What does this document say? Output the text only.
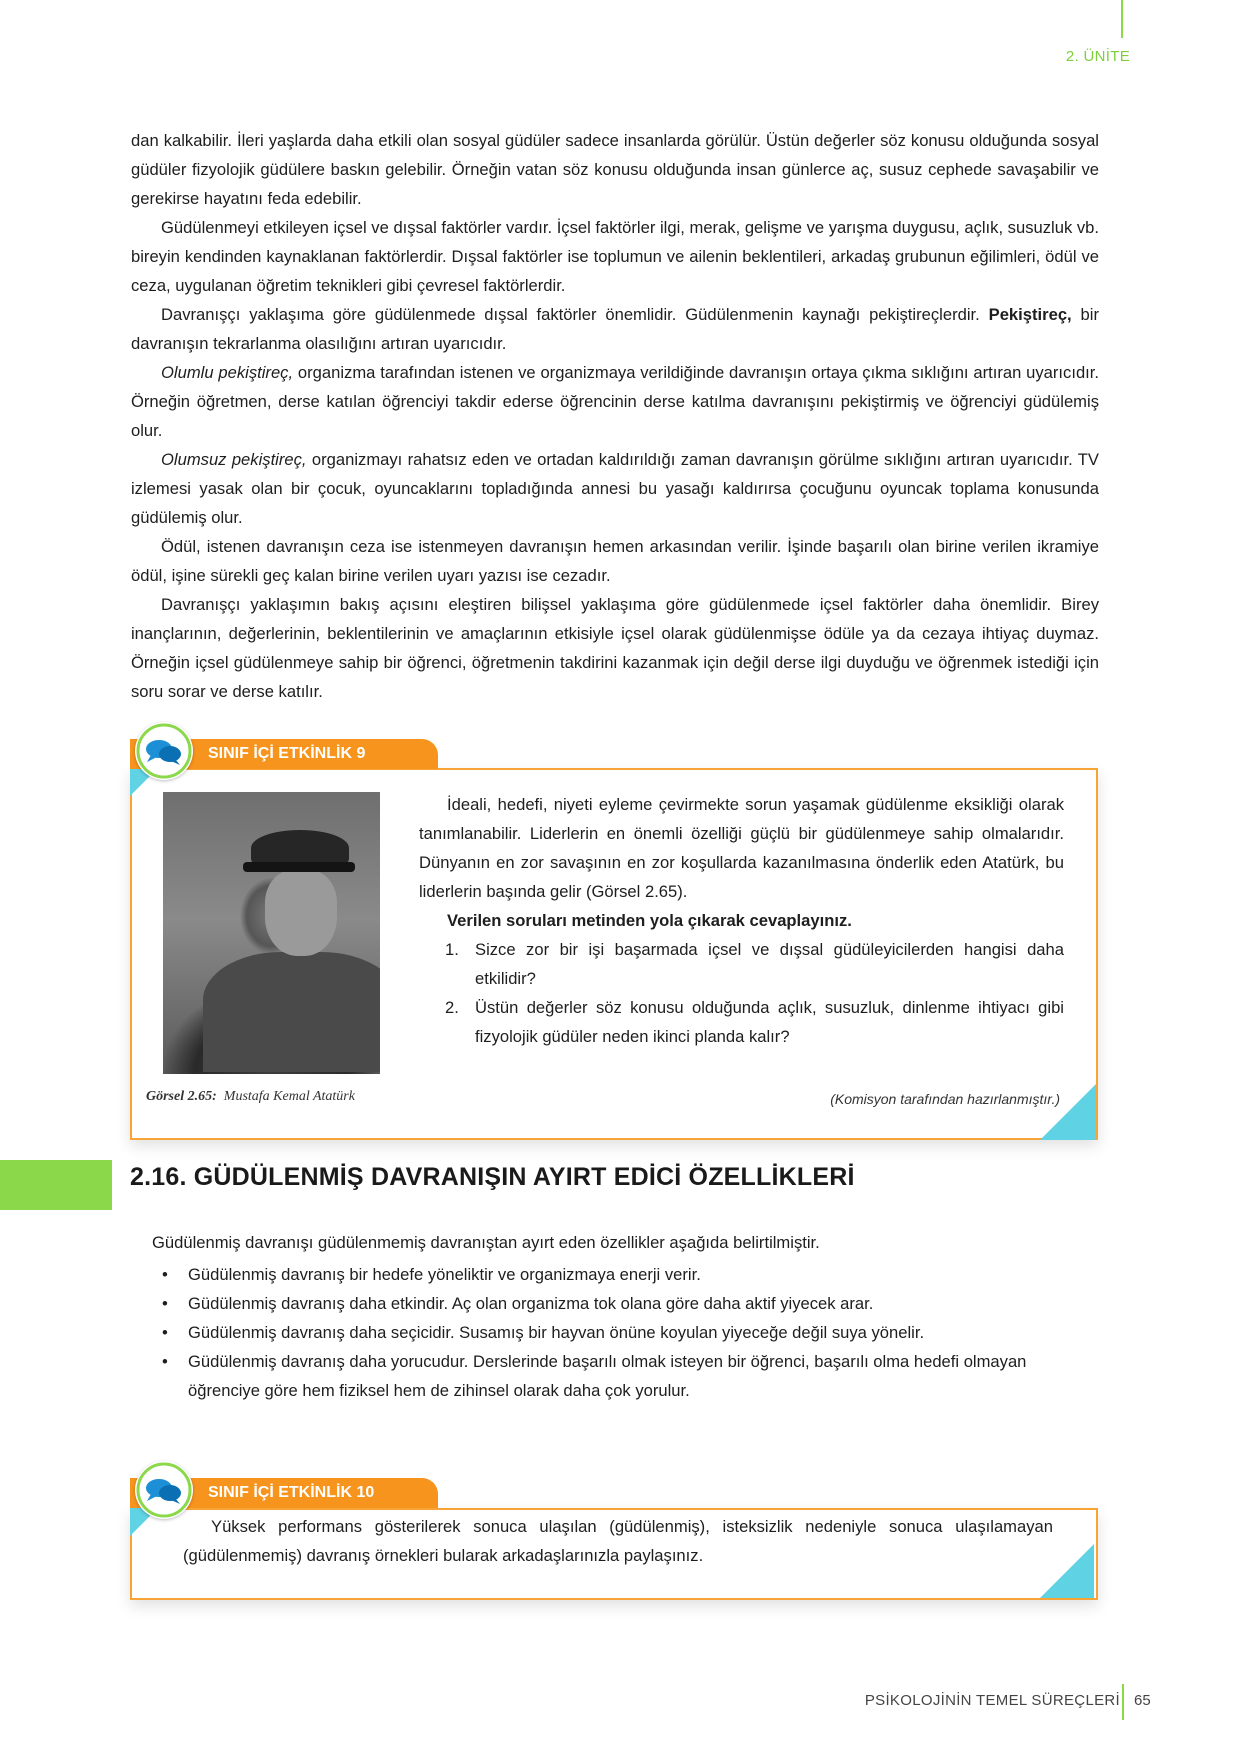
2. ÜNİTE

dan kalkabilir. İleri yaşlarda daha etkili olan sosyal güdüler sadece insanlarda görülür. Üstün değerler söz konusu olduğunda sosyal güdüler fizyolojik güdülere baskın gelebilir. Örneğin vatan söz konusu olduğunda insan günlerce aç, susuz cephede savaşabilir ve gerekirse hayatını feda edebilir.

Güdülenmeyi etkileyen içsel ve dışsal faktörler vardır. İçsel faktörler ilgi, merak, gelişme ve yarışma duygusu, açlık, susuzluk vb. bireyin kendinden kaynaklanan faktörlerdir. Dışsal faktörler ise toplumun ve ailenin beklentileri, arkadaş grubunun eğilimleri, ödül ve ceza, uygulanan öğretim teknikleri gibi çevresel faktörlerdir.

Davranışçı yaklaşıma göre güdülenmede dışsal faktörler önemlidir. Güdülenmenin kaynağı pekiştireçlerdir. Pekiştireç, bir davranışın tekrarlanma olasılığını artıran uyarıcıdır.

Olumlu pekiştireç, organizma tarafından istenen ve organizmaya verildiğinde davranışın ortaya çıkma sıklığını artıran uyarıcıdır. Örneğin öğretmen, derse katılan öğrenciyi takdir ederse öğrencinin derse katılma davranışını pekiştirmiş ve öğrenciyi güdülemiş olur.

Olumsuz pekiştireç, organizmayı rahatsız eden ve ortadan kaldırıldığı zaman davranışın görülme sıklığını artıran uyarıcıdır. TV izlemesi yasak olan bir çocuk, oyuncaklarını topladığında annesi bu yasağı kaldırırsa çocuğunu oyuncak toplama konusunda güdülemiş olur.

Ödül, istenen davranışın ceza ise istenmeyen davranışın hemen arkasından verilir. İşinde başarılı olan birine verilen ikramiye ödül, işine sürekli geç kalan birine verilen uyarı yazısı ise cezadır.

Davranışçı yaklaşımın bakış açısını eleştiren bilişsel yaklaşıma göre güdülenmede içsel faktörler daha önemlidir. Birey inançlarının, değerlerinin, beklentilerinin ve amaçlarının etkisiyle içsel olarak güdülenmişse ödüle ya da cezaya ihtiyaç duymaz. Örneğin içsel güdülenmeye sahip bir öğrenci, öğretmenin takdirini kazanmak için değil derse ilgi duyduğu ve öğrenmek istediği için soru sorar ve derse katılır.

SINIF İÇİ ETKİNLİK 9
Görsel 2.65: Mustafa Kemal Atatürk

İdeali, hedefi, niyeti eyleme çevirmekte sorun yaşamak güdülenme eksikliği olarak tanımlanabilir. Liderlerin en önemli özelliği güçlü bir güdülenmeye sahip olmalarıdır. Dünyanın en zor savaşının en zor koşullarda kazanılmasına önderlik eden Atatürk, bu liderlerin başında gelir (Görsel 2.65).

Verilen soruları metinden yola çıkarak cevaplayınız.

1. Sizce zor bir işi başarmada içsel ve dışsal güdüleyicilerden hangisi daha etkilidir?
2. Üstün değerler söz konusu olduğunda açlık, susuzluk, dinlenme ihtiyacı gibi fizyolojik güdüler neden ikinci planda kalır?
(Komisyon tarafından hazırlanmıştır.)
2.16. GÜDÜLENMİŞ DAVRANIŞIN AYIRT EDİCİ ÖZELLİKLERİ
Güdülenmiş davranışı güdülenmemiş davranıştan ayırt eden özellikler aşağıda belirtilmiştir.
• Güdülenmiş davranış bir hedefe yöneliktir ve organizmaya enerji verir.
• Güdülenmiş davranış daha etkindir. Aç olan organizma tok olana göre daha aktif yiyecek arar.
• Güdülenmiş davranış daha seçicidir. Susamış bir hayvan önüne koyulan yiyeceğe değil suya yönelir.
• Güdülenmiş davranış daha yorucudur. Derslerinde başarılı olmak isteyen bir öğrenci, başarılı olma hedefi olmayan öğrenciye göre hem fiziksel hem de zihinsel olarak daha çok yorulur.
SINIF İÇİ ETKİNLİK 10

Yüksek performans gösterilerek sonuca ulaşılan (güdülenmiş), isteksizlik nedeniyle sonuca ulaşılamayan (güdülenmemiş) davranış örnekleri bularak arkadaşlarınızla paylaşınız.

PSİKOLOJİNİN TEMEL SÜREÇLERİ 65
